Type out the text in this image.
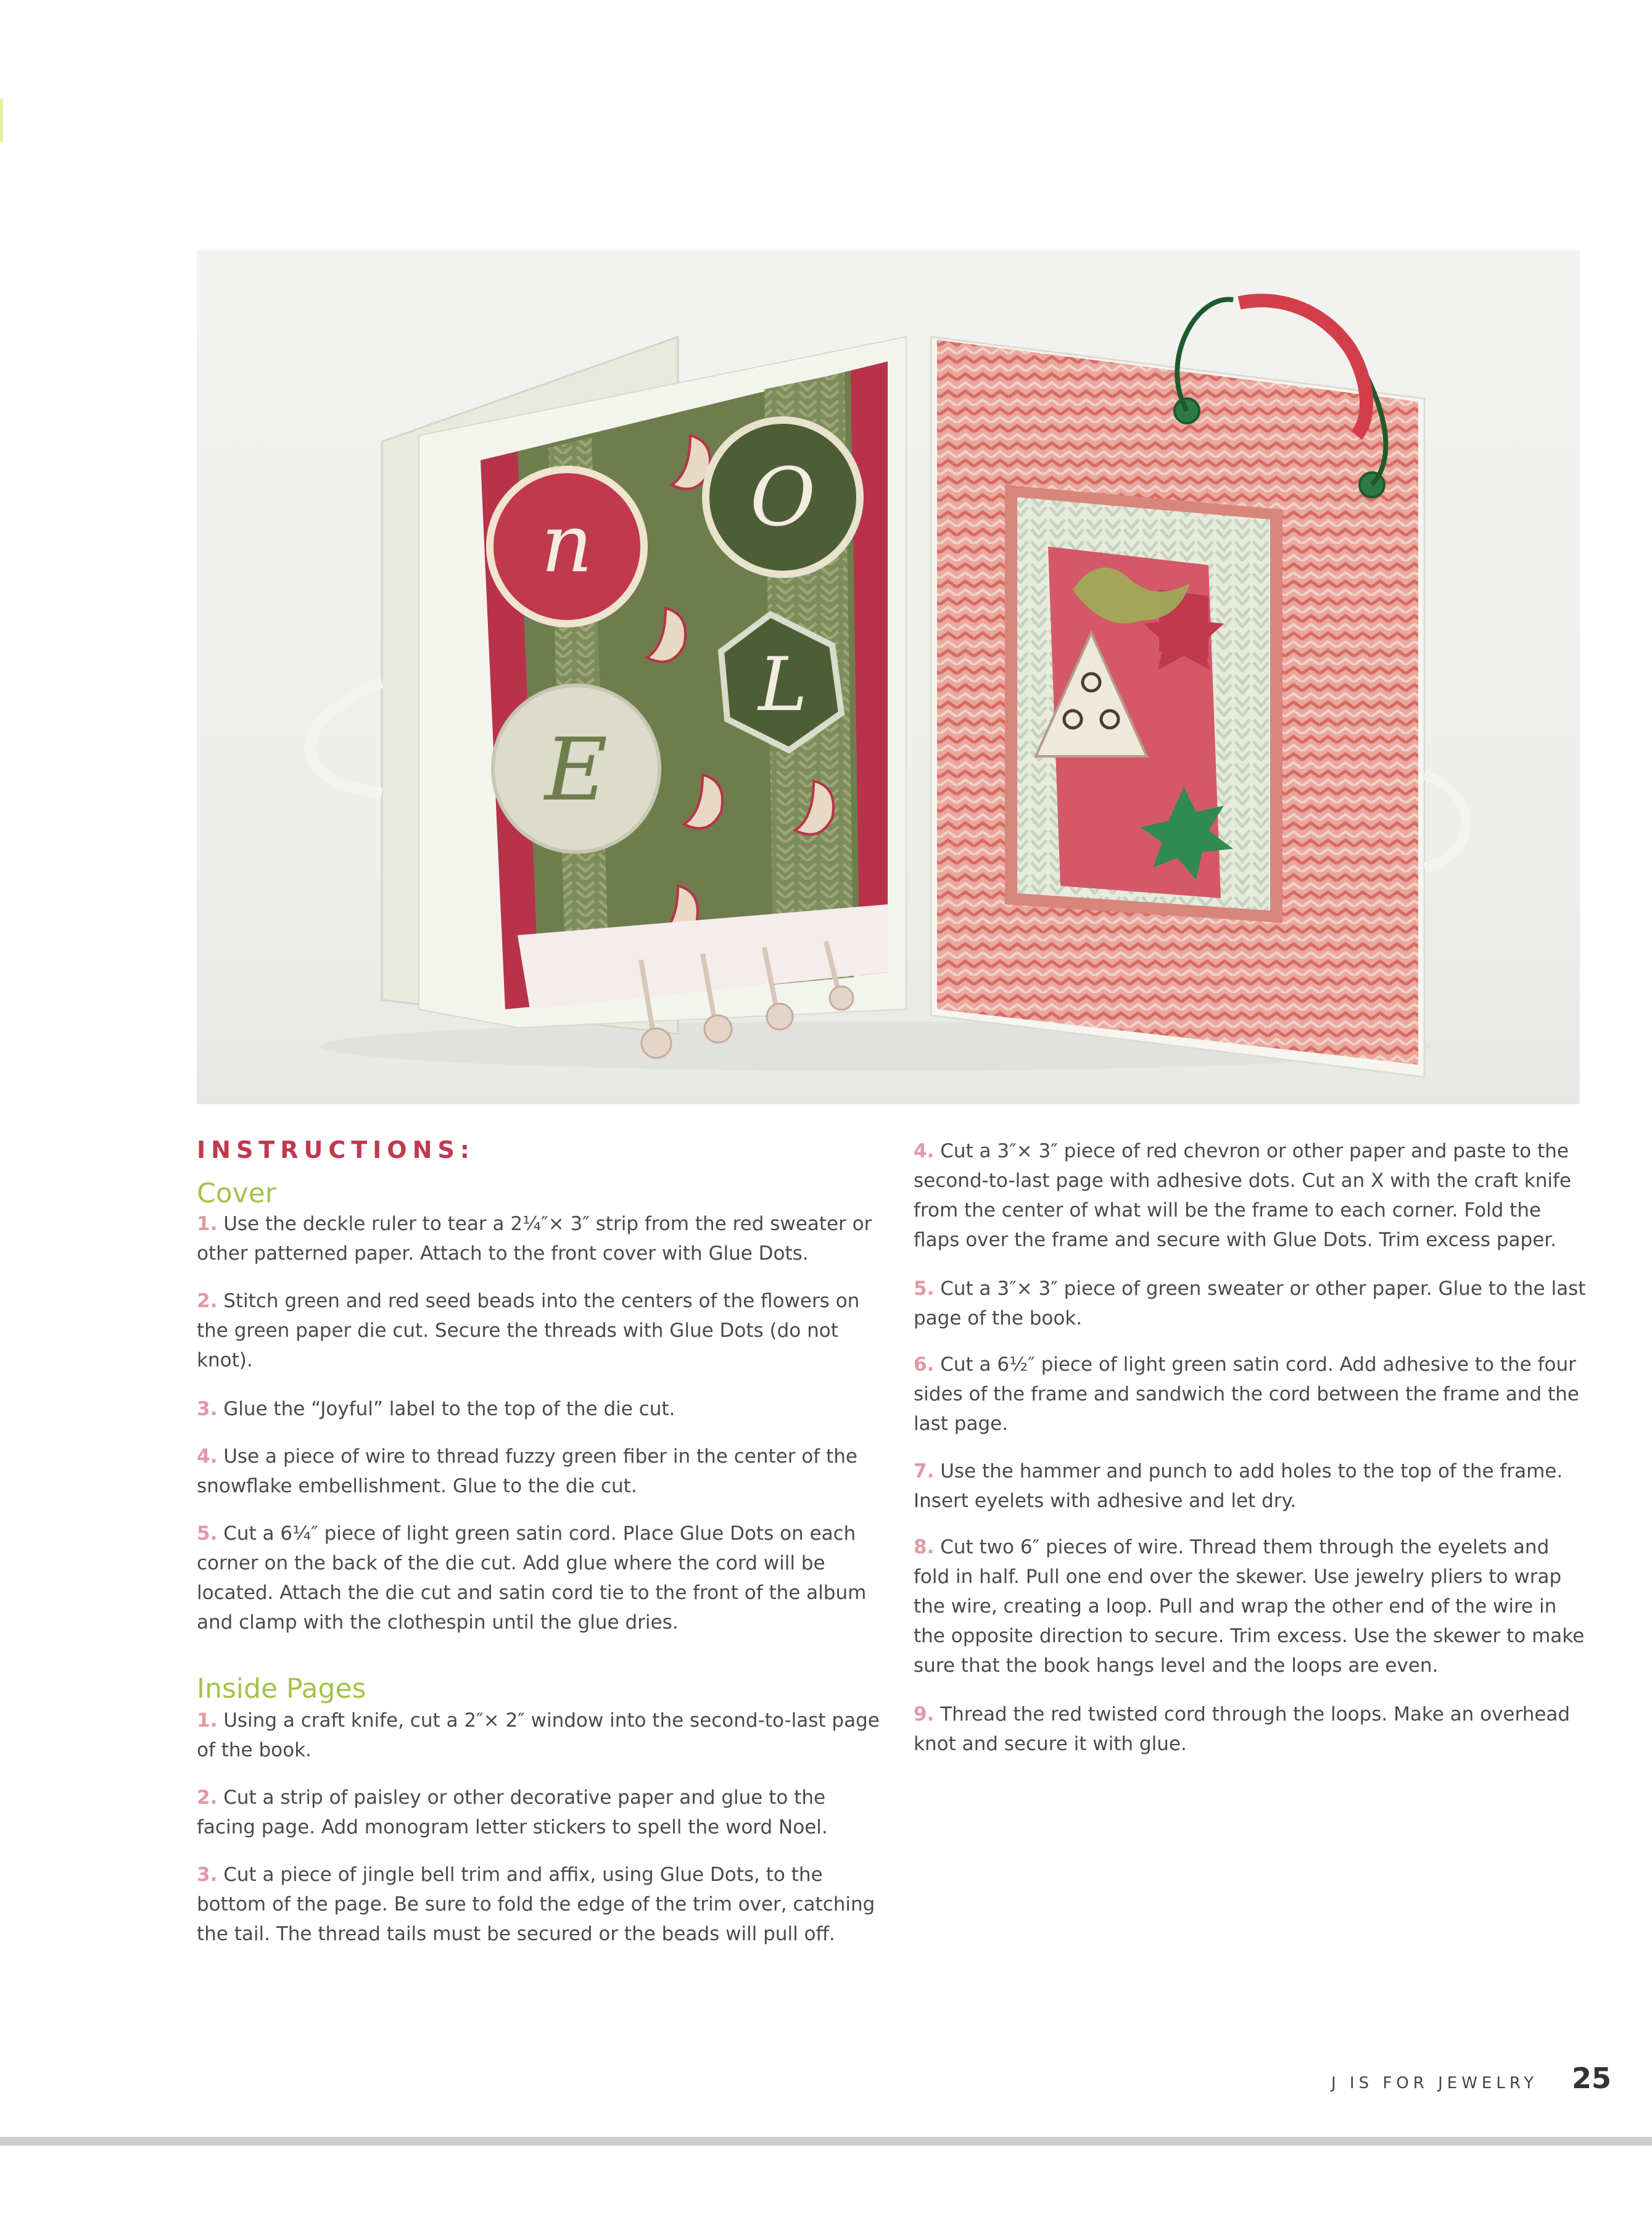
n O
E
L
INSTRUCTIONS:
Cover
1. Use the deckle ruler to tear a 2¼″× 3″ strip from the red sweater or other patterned paper. Attach to the front cover with Glue Dots.
2. Stitch green and red seed beads into the centers of the flowers on the green paper die cut. Secure the threads with Glue Dots (do not knot).
3. Glue the “Joyful” label to the top of the die cut.
4. Use a piece of wire to thread fuzzy green fiber in the center of the snowflake embellishment. Glue to the die cut.
5. Cut a 6¼″ piece of light green satin cord. Place Glue Dots on each corner on the back of the die cut. Add glue where the cord will be located. Attach the die cut and satin cord tie to the front of the album and clamp with the clothespin until the glue dries.
Inside Pages
1. Using a craft knife, cut a 2″× 2″ window into the second-to-last page of the book.
2. Cut a strip of paisley or other decorative paper and glue to the facing page. Add monogram letter stickers to spell the word Noel.
3. Cut a piece of jingle bell trim and affix, using Glue Dots, to the bottom of the page. Be sure to fold the edge of the trim over, catching the tail. The thread tails must be secured or the beads will pull off.
4. Cut a 3″× 3″ piece of red chevron or other paper and paste to the second-to-last page with adhesive dots. Cut an X with the craft knife from the center of what will be the frame to each corner. Fold the flaps over the frame and secure with Glue Dots. Trim excess paper.
5. Cut a 3″× 3″ piece of green sweater or other paper. Glue to the last page of the book.
6. Cut a 6½″ piece of light green satin cord. Add adhesive to the four sides of the frame and sandwich the cord between the frame and the last page.
7. Use the hammer and punch to add holes to the top of the frame. Insert eyelets with adhesive and let dry.
8. Cut two 6″ pieces of wire. Thread them through the eyelets and fold in half. Pull one end over the skewer. Use jewelry pliers to wrap the wire, creating a loop. Pull and wrap the other end of the wire in the opposite direction to secure. Trim excess. Use the skewer to make sure that the book hangs level and the loops are even.
9. Thread the red twisted cord through the loops. Make an overhead knot and secure it with glue.
J IS FOR JEWELRY 25
